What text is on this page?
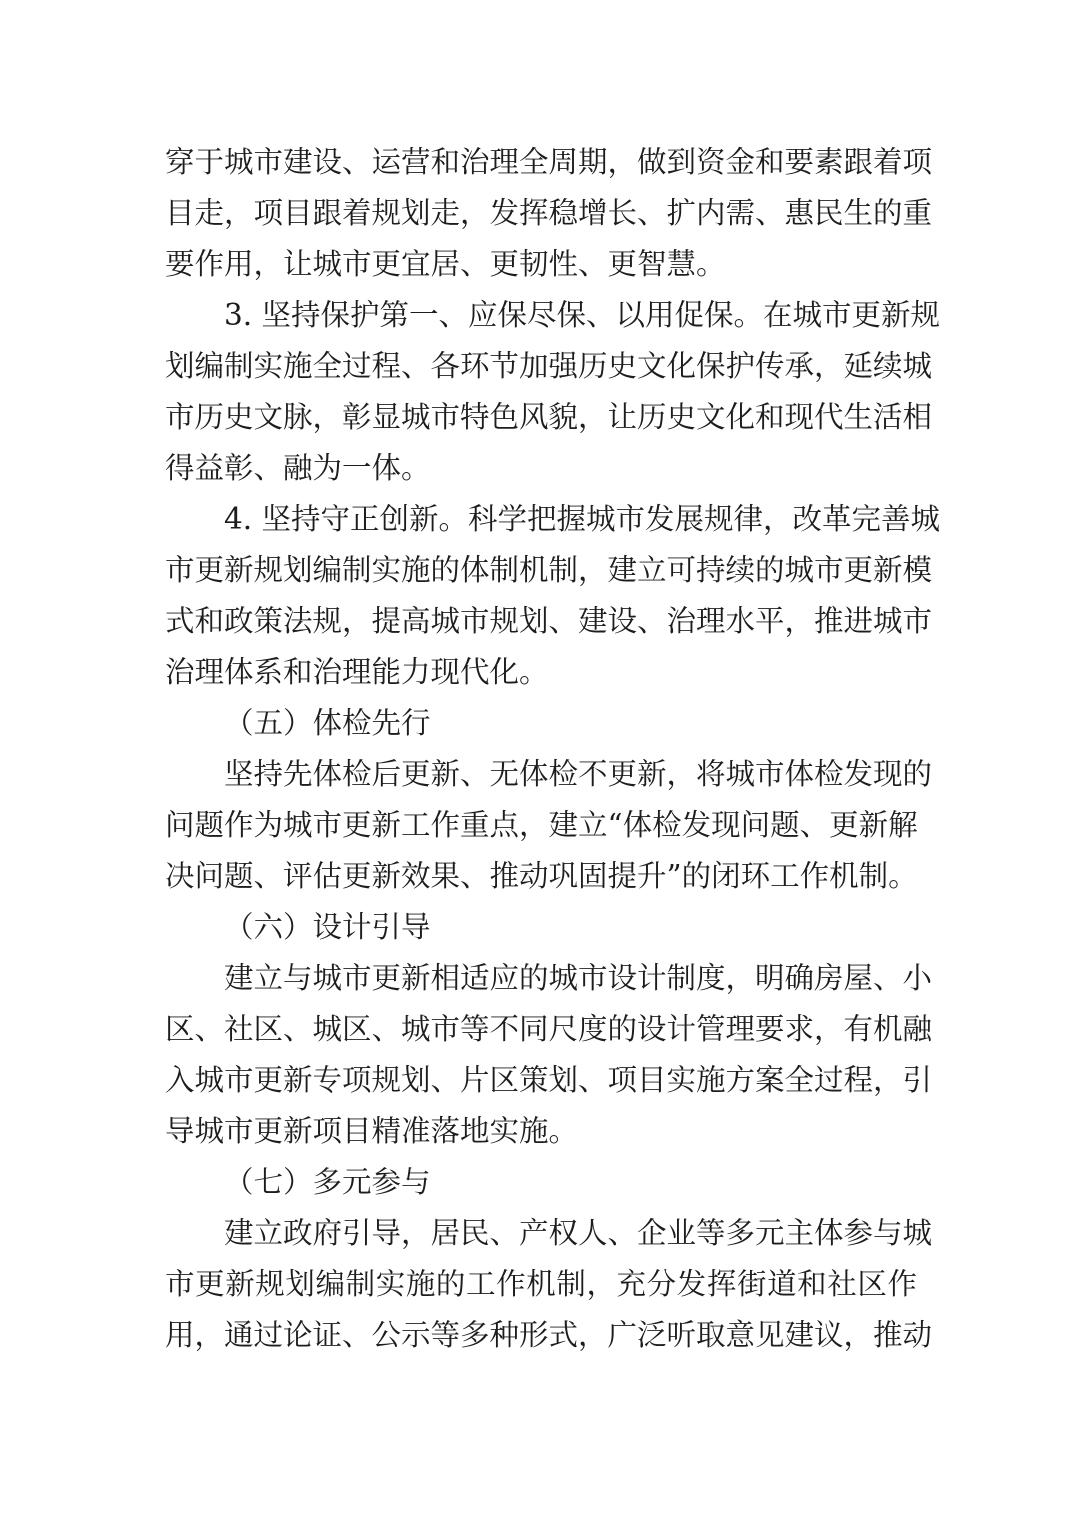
穿于城市建设、运营和治理全周期，做到资金和要素跟着项
目走，项目跟着规划走，发挥稳增长、扩内需、惠民生的重
要作用，让城市更宜居、更韧性、更智慧。
3. 坚持保护第一、应保尽保、以用促保。在城市更新规
划编制实施全过程、各环节加强历史文化保护传承，延续城
市历史文脉，彰显城市特色风貌，让历史文化和现代生活相
得益彰、融为一体。
4. 坚持守正创新。科学把握城市发展规律，改革完善城
市更新规划编制实施的体制机制，建立可持续的城市更新模
式和政策法规，提高城市规划、建设、治理水平，推进城市
治理体系和治理能力现代化。
（五）体检先行
坚持先体检后更新、无体检不更新，将城市体检发现的
问题作为城市更新工作重点，建立“体检发现问题、更新解
决问题、评估更新效果、推动巩固提升”的闭环工作机制。
（六）设计引导
建立与城市更新相适应的城市设计制度，明确房屋、小
区、社区、城区、城市等不同尺度的设计管理要求，有机融
入城市更新专项规划、片区策划、项目实施方案全过程，引
导城市更新项目精准落地实施。
（七）多元参与
建立政府引导，居民、产权人、企业等多元主体参与城
市更新规划编制实施的工作机制，充分发挥街道和社区作
用，通过论证、公示等多种形式，广泛听取意见建议，推动
